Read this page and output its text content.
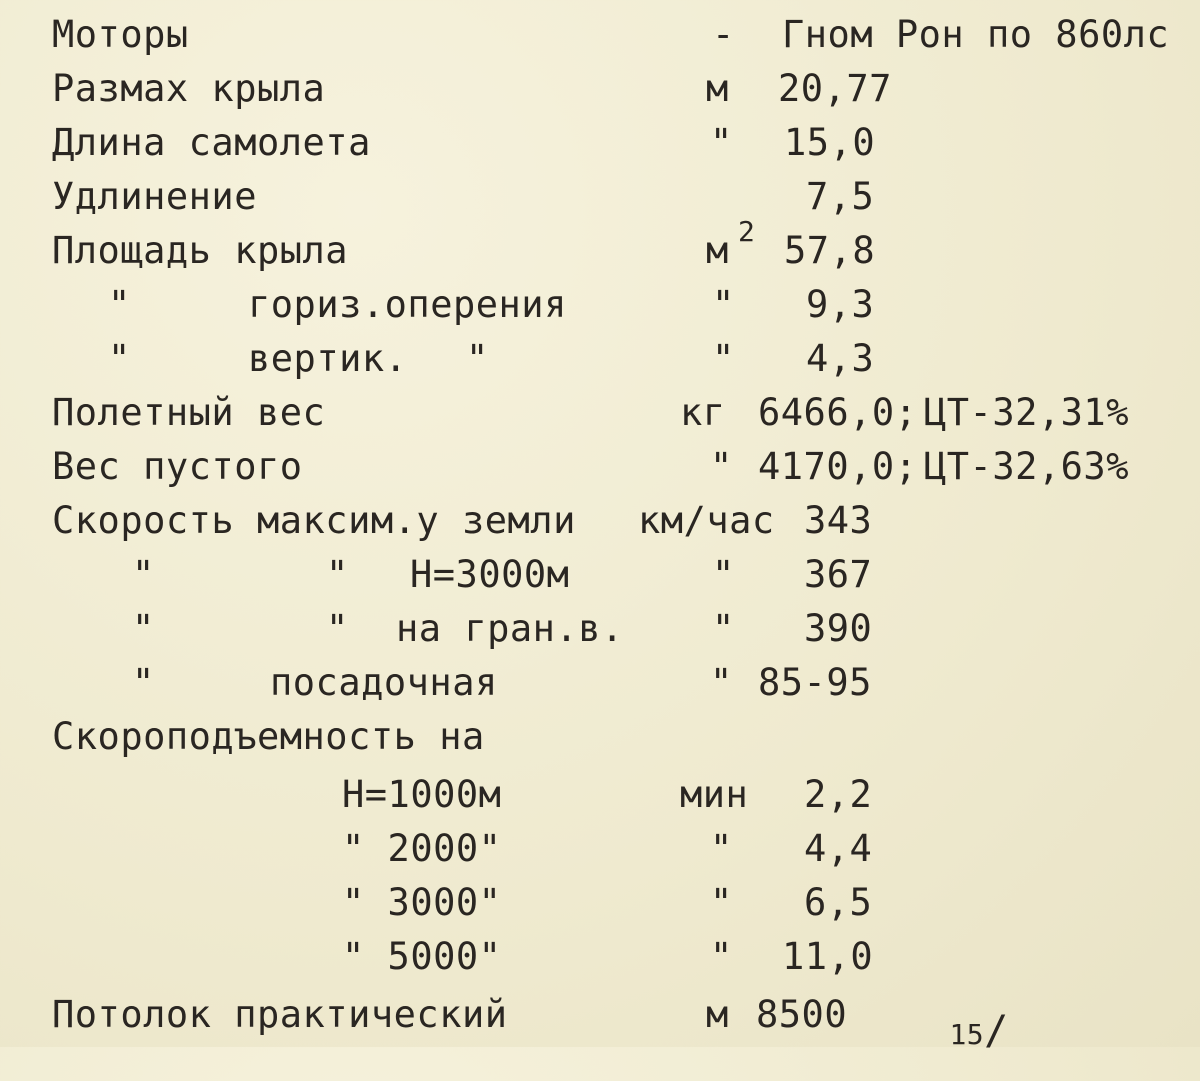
Моторы	- Гном Рон по 860лс
Размах крыла	м 20,77
Длина самолета	" 15,0
Удлинение	7,5
Площадь крыла	м 2 57,8
"	гориз.оперения	" 9,3
"	вертик. "	" 4,3
Полетный вес	кг 6466,0; ЦТ-32,31%
Вес пустого	" 4170,0; ЦТ-32,63%
Скорость максим.у земли км/час 343
"	" Н=3000м	" 367
"	" на гран.в. " 390
"	посадочная	" 85-95
Скороподъемность на
Н=1000м	мин 2,2
" 2000"	" 4,4
" 3000"	" 6,5
" 5000"	" 11,0
Потолок практический	м 8500	15/
